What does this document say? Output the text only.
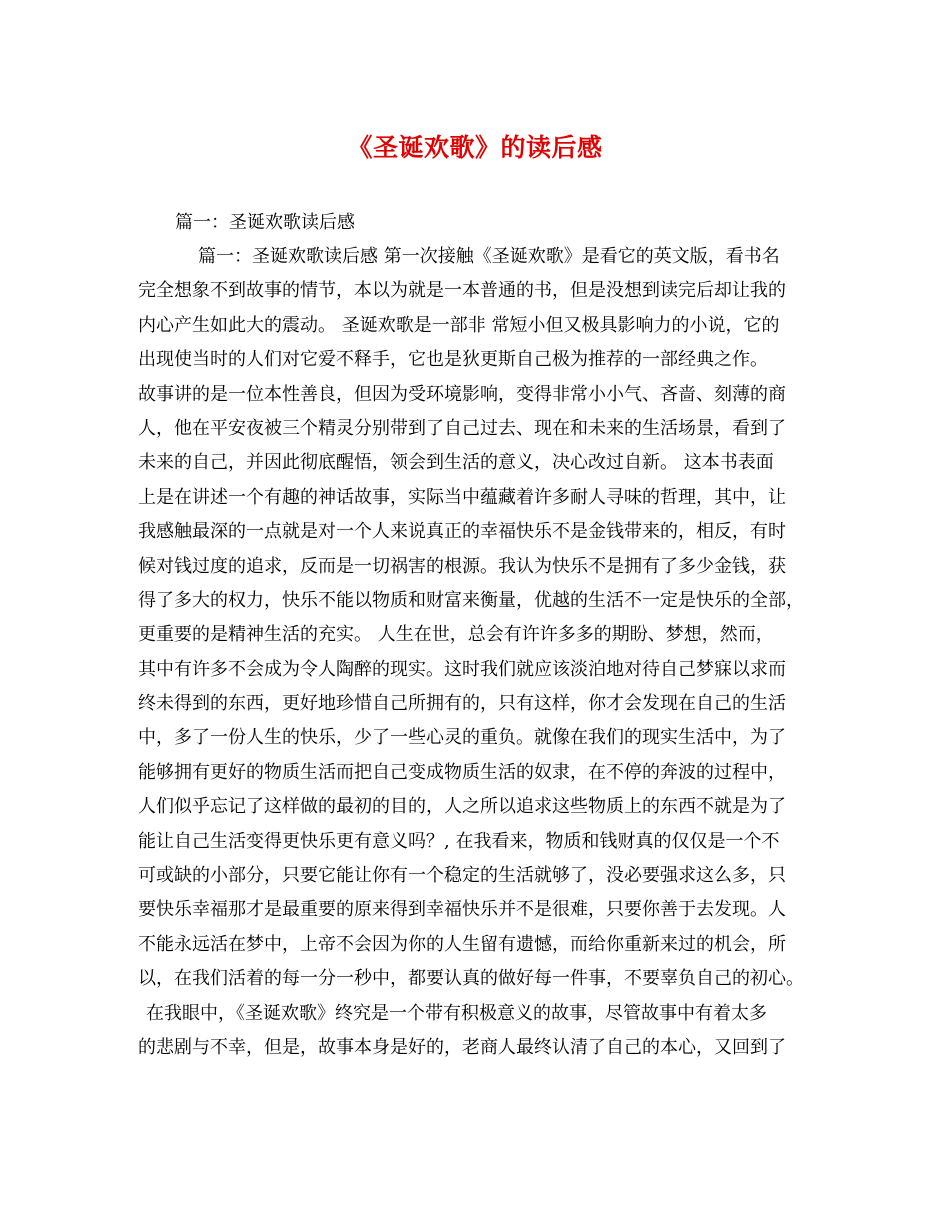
《圣诞欢歌》的读后感
篇一：圣诞欢歌读后感
篇一：圣诞欢歌读后感 第一次接触《圣诞欢歌》是看它的英文版，看书名
完全想象不到故事的情节，本以为就是一本普通的书，但是没想到读完后却让我的
内心产生如此大的震动。 圣诞欢歌是一部非 常短小但又极具影响力的小说，它的
出现使当时的人们对它爱不释手，它也是狄更斯自己极为推荐的一部经典之作。
故事讲的是一位本性善良，但因为受环境影响，变得非常小小气、吝啬、刻薄的商
人，他在平安夜被三个精灵分别带到了自己过去、现在和未来的生活场景，看到了
未来的自己，并因此彻底醒悟，领会到生活的意义，决心改过自新。 这本书表面
上是在讲述一个有趣的神话故事，实际当中蕴藏着许多耐人寻味的哲理，其中，让
我感触最深的一点就是对一个人来说真正的幸福快乐不是金钱带来的，相反，有时
候对钱过度的追求，反而是一切祸害的根源。我认为快乐不是拥有了多少金钱，获
得了多大的权力，快乐不能以物质和财富来衡量，优越的生活不一定是快乐的全部，
更重要的是精神生活的充实。 人生在世，总会有许许多多的期盼、梦想，然而，
其中有许多不会成为令人陶醉的现实。这时我们就应该淡泊地对待自己梦寐以求而
终未得到的东西，更好地珍惜自己所拥有的，只有这样，你才会发现在自己的生活
中，多了一份人生的快乐，少了一些心灵的重负。就像在我们的现实生活中，为了
能够拥有更好的物质生活而把自己变成物质生活的奴隶，在不停的奔波的过程中，
人们似乎忘记了这样做的最初的目的，人之所以追求这些物质上的东西不就是为了
能让自己生活变得更快乐更有意义吗？, 在我看来，物质和钱财真的仅仅是一个不
可或缺的小部分，只要它能让你有一个稳定的生活就够了，没必要强求这么多，只
要快乐幸福那才是最重要的原来得到幸福快乐并不是很难，只要你善于去发现。人
不能永远活在梦中，上帝不会因为你的人生留有遗憾，而给你重新来过的机会，所
以，在我们活着的每一分一秒中，都要认真的做好每一件事，不要辜负自己的初心。
在我眼中，《圣诞欢歌》终究是一个带有积极意义的故事，尽管故事中有着太多
的悲剧与不幸，但是，故事本身是好的，老商人最终认清了自己的本心，又回到了
